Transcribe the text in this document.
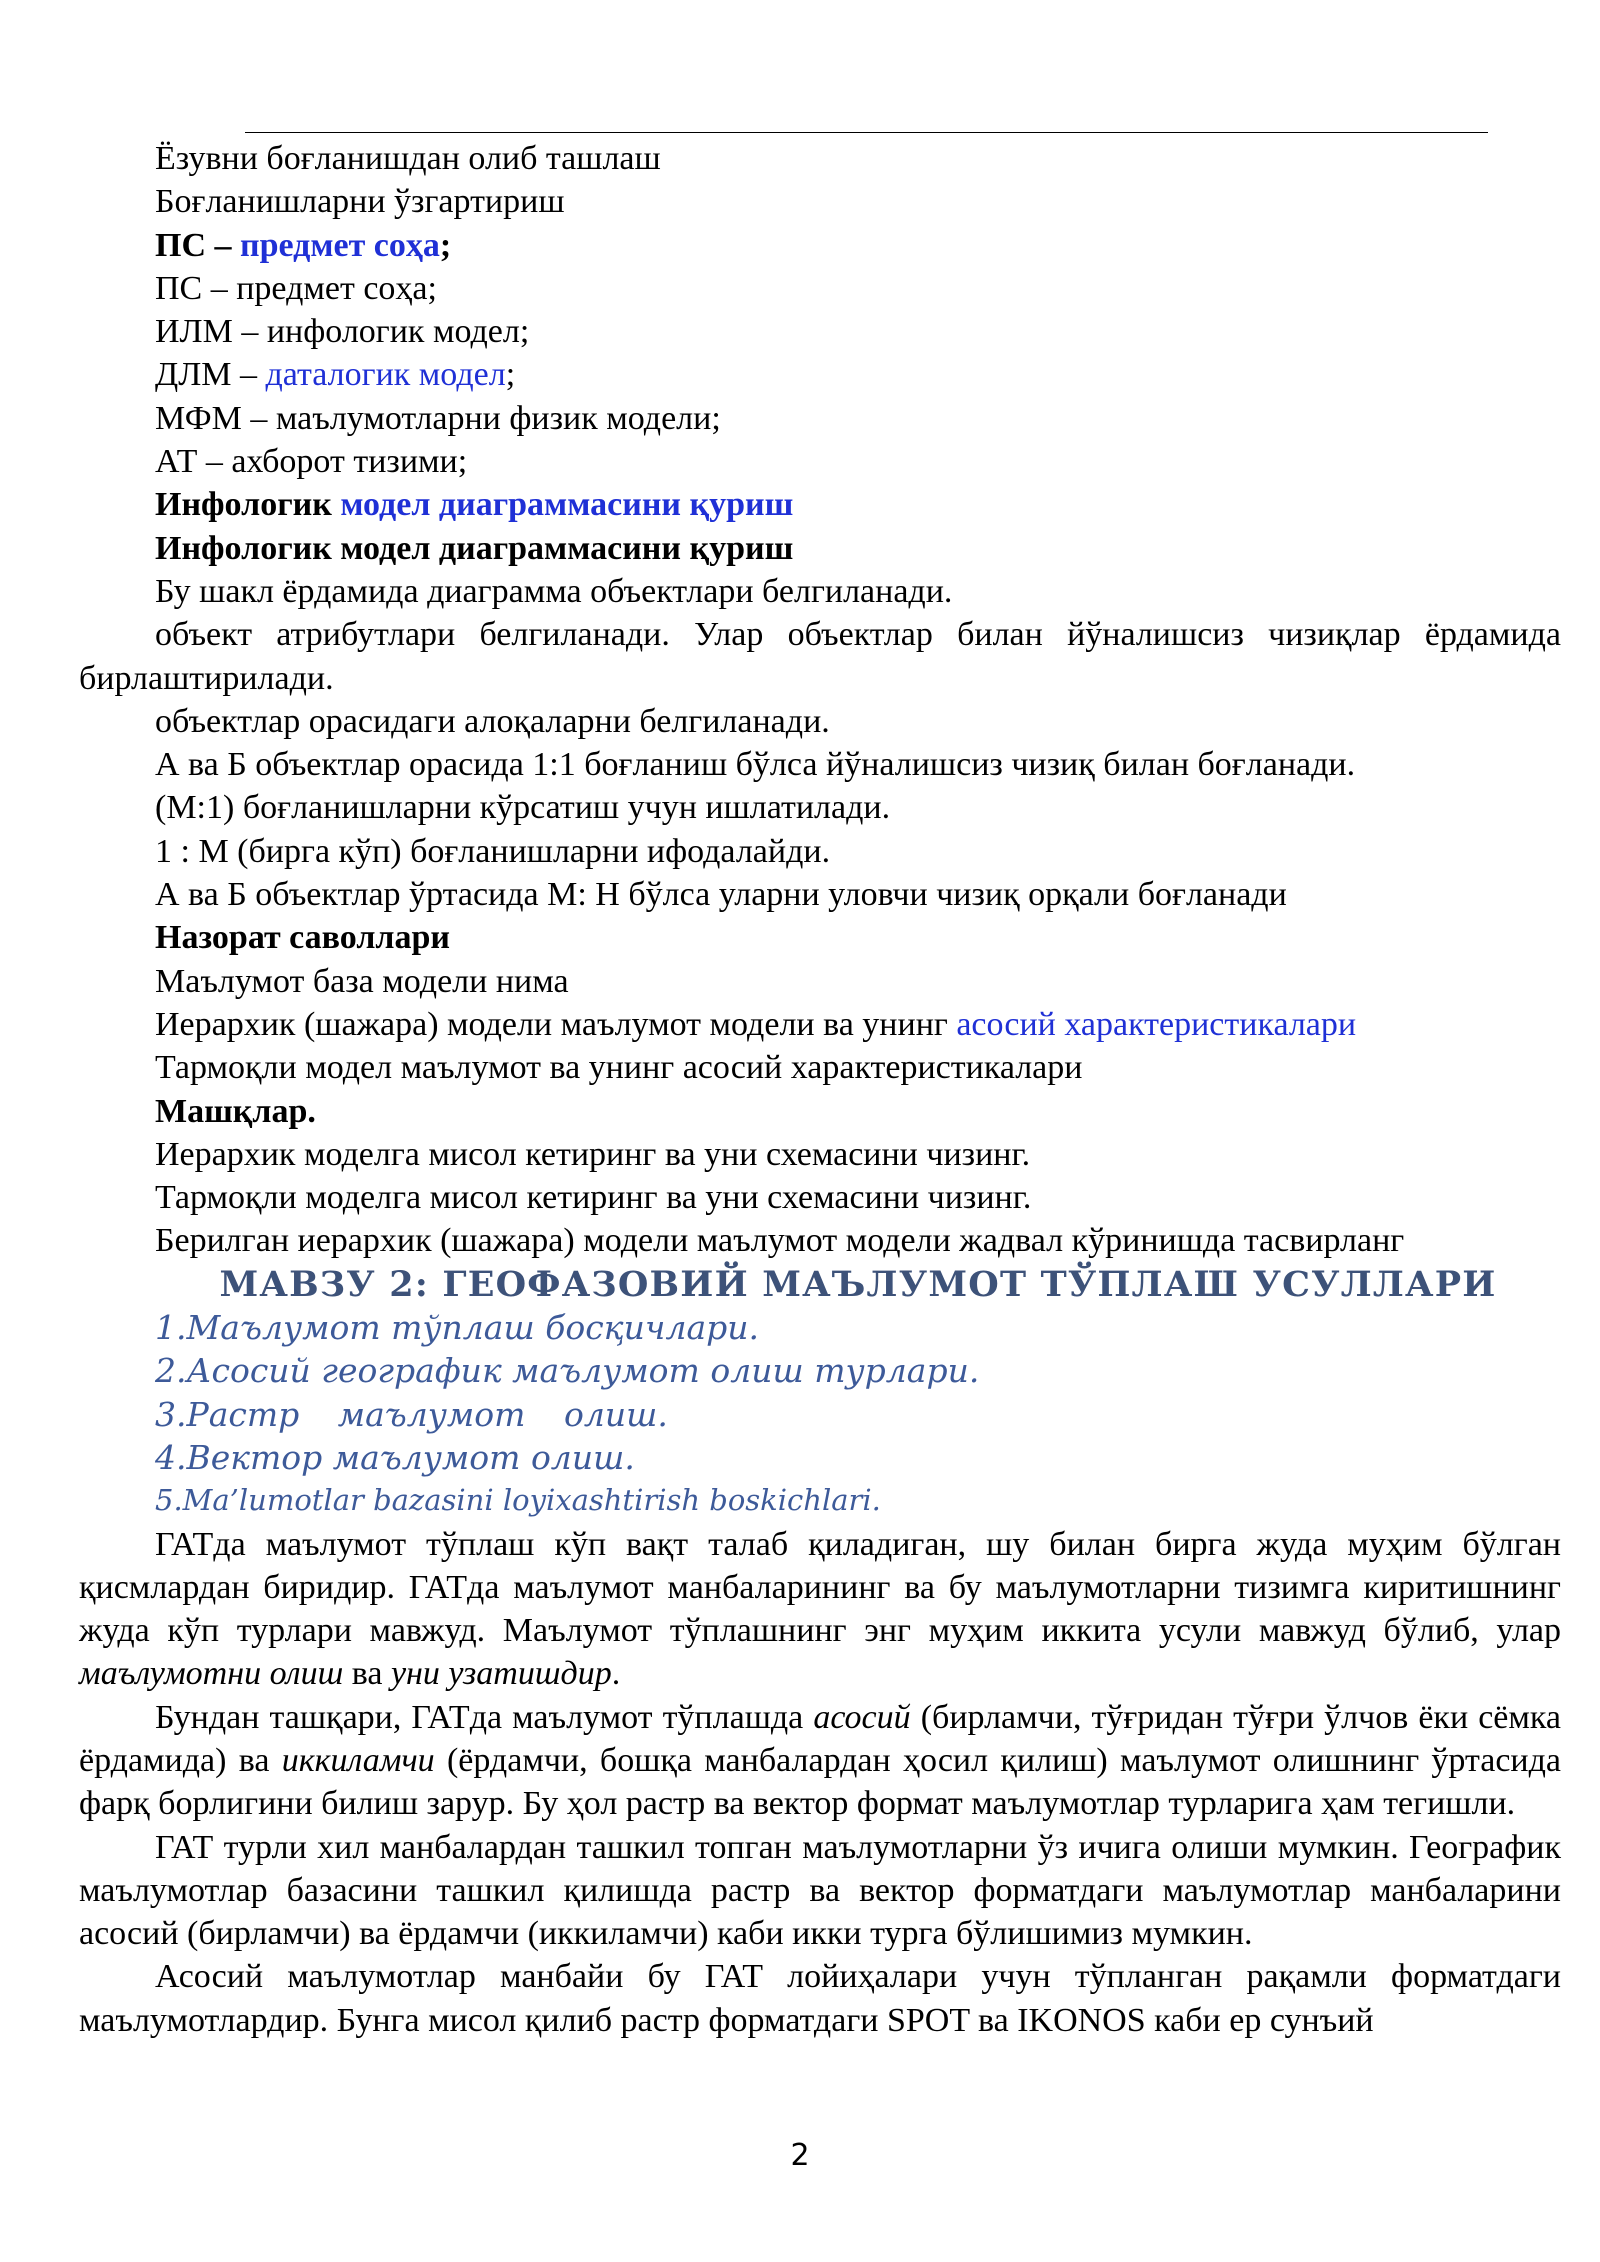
Ёзувни боғланишдан олиб ташлаш

Боғланишларни ўзгартириш

ПС – предмет соҳа;

ПС – предмет соҳа;

ИЛМ – инфологик модел;

ДЛМ – даталогик модел;

МФМ – маълумотларни физик модели;

АТ – ахборот тизими;

Инфологик модел диаграммасини қуриш

Инфологик модел диаграммасини қуриш

Бу шакл ёрдамида диаграмма объектлари белгиланади.

объект атрибутлари белгиланади. Улар объектлар билан йўналишсиз чизиқлар ёрдамида бирлаштирилади.

объектлар орасидаги алоқаларни белгиланади.

А ва Б объектлар орасида 1:1 боғланиш бўлса йўналишсиз чизиқ билан боғланади.

(М:1) боғланишларни кўрсатиш учун ишлатилади.

1 : М (бирга кўп) боғланишларни ифодалайди.

А ва Б объектлар ўртасида М: Н бўлса уларни уловчи чизиқ орқали боғланади

Назорат саволлари

Маълумот база модели нима

Иерархик (шажара) модели маълумот модели ва унинг асосий характеристикалари

Тармоқли модел маълумот ва унинг асосий характеристикалари

Машқлар.

Иерархик моделга мисол кетиринг ва уни схемасини чизинг.

Тармоқли моделга мисол кетиринг ва уни схемасини чизинг.

Берилган иерархик (шажара) модели маълумот модели жадвал кўринишда тасвирланг

МАВЗУ 2: ГЕОФАЗОВИЙ МАЪЛУМОТ ТЎПЛАШ УСУЛЛАРИ

1.Маълумот тўплаш босқичлари.

2.Асосий географик маълумот олиш турлари.

3.Растр маълумот олиш.

4.Вектор маълумот олиш.

5.Ma’lumotlar bazasini loyixashtirish boskichlari.

ГАТда маълумот тўплаш кўп вақт талаб қиладиган, шу билан бирга жуда муҳим бўлган қисмлардан биридир. ГАТда маълумот манбаларининг ва бу маълумотларни тизимга киритишнинг жуда кўп турлари мавжуд. Маълумот тўплашнинг энг муҳим иккита усули мавжуд бўлиб, улар маълумотни олиш ва уни узатишдир.

Бундан ташқари, ГАТда маълумот тўплашда асосий (бирламчи, тўғридан тўғри ўлчов ёки сёмка ёрдамида) ва иккиламчи (ёрдамчи, бошқа манбалардан ҳосил қилиш) маълумот олишнинг ўртасида фарқ борлигини билиш зарур. Бу ҳол растр ва вектор формат маълумотлар турларига ҳам тегишли.

ГАТ турли хил манбалардан ташкил топган маълумотларни ўз ичига олиши мумкин. Географик маълумотлар базасини ташкил қилишда растр ва вектор форматдаги маълумотлар манбаларини асосий (бирламчи) ва ёрдамчи (иккиламчи) каби икки турга бўлишимиз мумкин.

Асосий маълумотлар манбайи бу ГАТ лойиҳалари учун тўпланган рақамли форматдаги маълумотлардир. Бунга мисол қилиб растр форматдаги SPOT ва IKONOS каби ер сунъий

2
